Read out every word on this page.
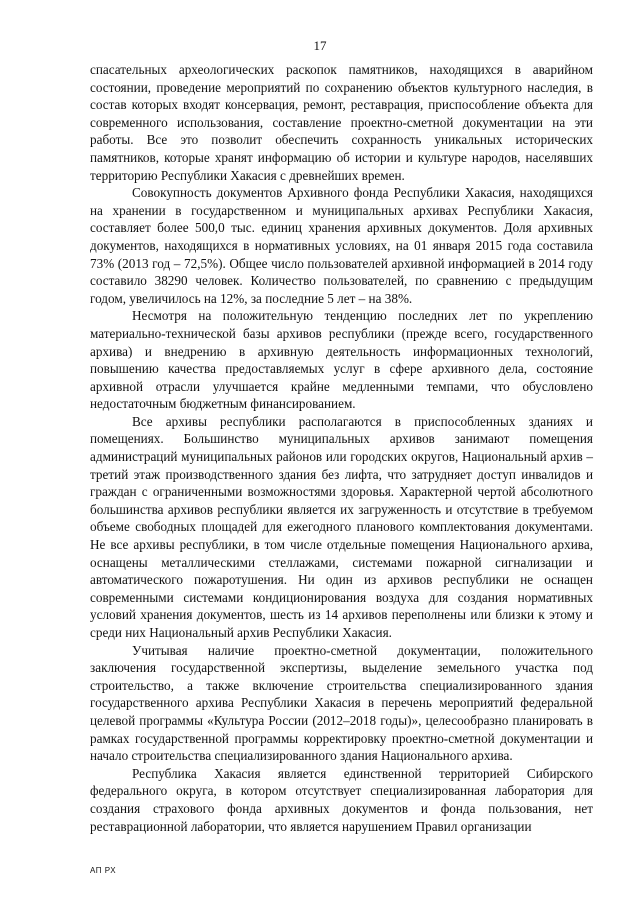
17

спасательных археологических раскопок памятников, находящихся в аварийном состоянии, проведение мероприятий по сохранению объектов культурного наследия, в состав которых входят консервация, ремонт, реставрация, приспособление объекта для современного использования, составление проектно-сметной документации на эти работы. Все это позволит обеспечить сохранность уникальных исторических памятников, которые хранят информацию об истории и культуре народов, населявших территорию Республики Хакасия с древнейших времен.

Совокупность документов Архивного фонда Республики Хакасия, находящихся на хранении в государственном и муниципальных архивах Республики Хакасия, составляет более 500,0 тыс. единиц хранения архивных документов. Доля архивных документов, находящихся в нормативных условиях, на 01 января 2015 года составила 73% (2013 год – 72,5%). Общее число пользователей архивной информацией в 2014 году составило 38290 человек. Количество пользователей, по сравнению с предыдущим годом, увеличилось на 12%, за последние 5 лет – на 38%.

Несмотря на положительную тенденцию последних лет по укреплению материально-технической базы архивов республики (прежде всего, государственного архива) и внедрению в архивную деятельность информационных технологий, повышению качества предоставляемых услуг в сфере архивного дела, состояние архивной отрасли улучшается крайне медленными темпами, что обусловлено недостаточным бюджетным финансированием.

Все архивы республики располагаются в приспособленных зданиях и помещениях. Большинство муниципальных архивов занимают помещения администраций муниципальных районов или городских округов, Национальный архив – третий этаж производственного здания без лифта, что затрудняет доступ инвалидов и граждан с ограниченными возможностями здоровья. Характерной чертой абсолютного большинства архивов республики является их загруженность и отсутствие в требуемом объеме свободных площадей для ежегодного планового комплектования документами. Не все архивы республики, в том числе отдельные помещения Национального архива, оснащены металлическими стеллажами, системами пожарной сигнализации и автоматического пожаротушения. Ни один из архивов республики не оснащен современными системами кондиционирования воздуха для создания нормативных условий хранения документов, шесть из 14 архивов переполнены или близки к этому и среди них Национальный архив Республики Хакасия.

Учитывая наличие проектно-сметной документации, положительного заключения государственной экспертизы, выделение земельного участка под строительство, а также включение строительства специализированного здания государственного архива Республики Хакасия в перечень мероприятий федеральной целевой программы «Культура России (2012–2018 годы)», целесообразно планировать в рамках государственной программы корректировку проектно-сметной документации и начало строительства специализированного здания Национального архива.

Республика Хакасия является единственной территорией Сибирского федерального округа, в котором отсутствует специализированная лаборатория для создания страхового фонда архивных документов и фонда пользования, нет реставрационной лаборатории, что является нарушением Правил организации

АП РХ
